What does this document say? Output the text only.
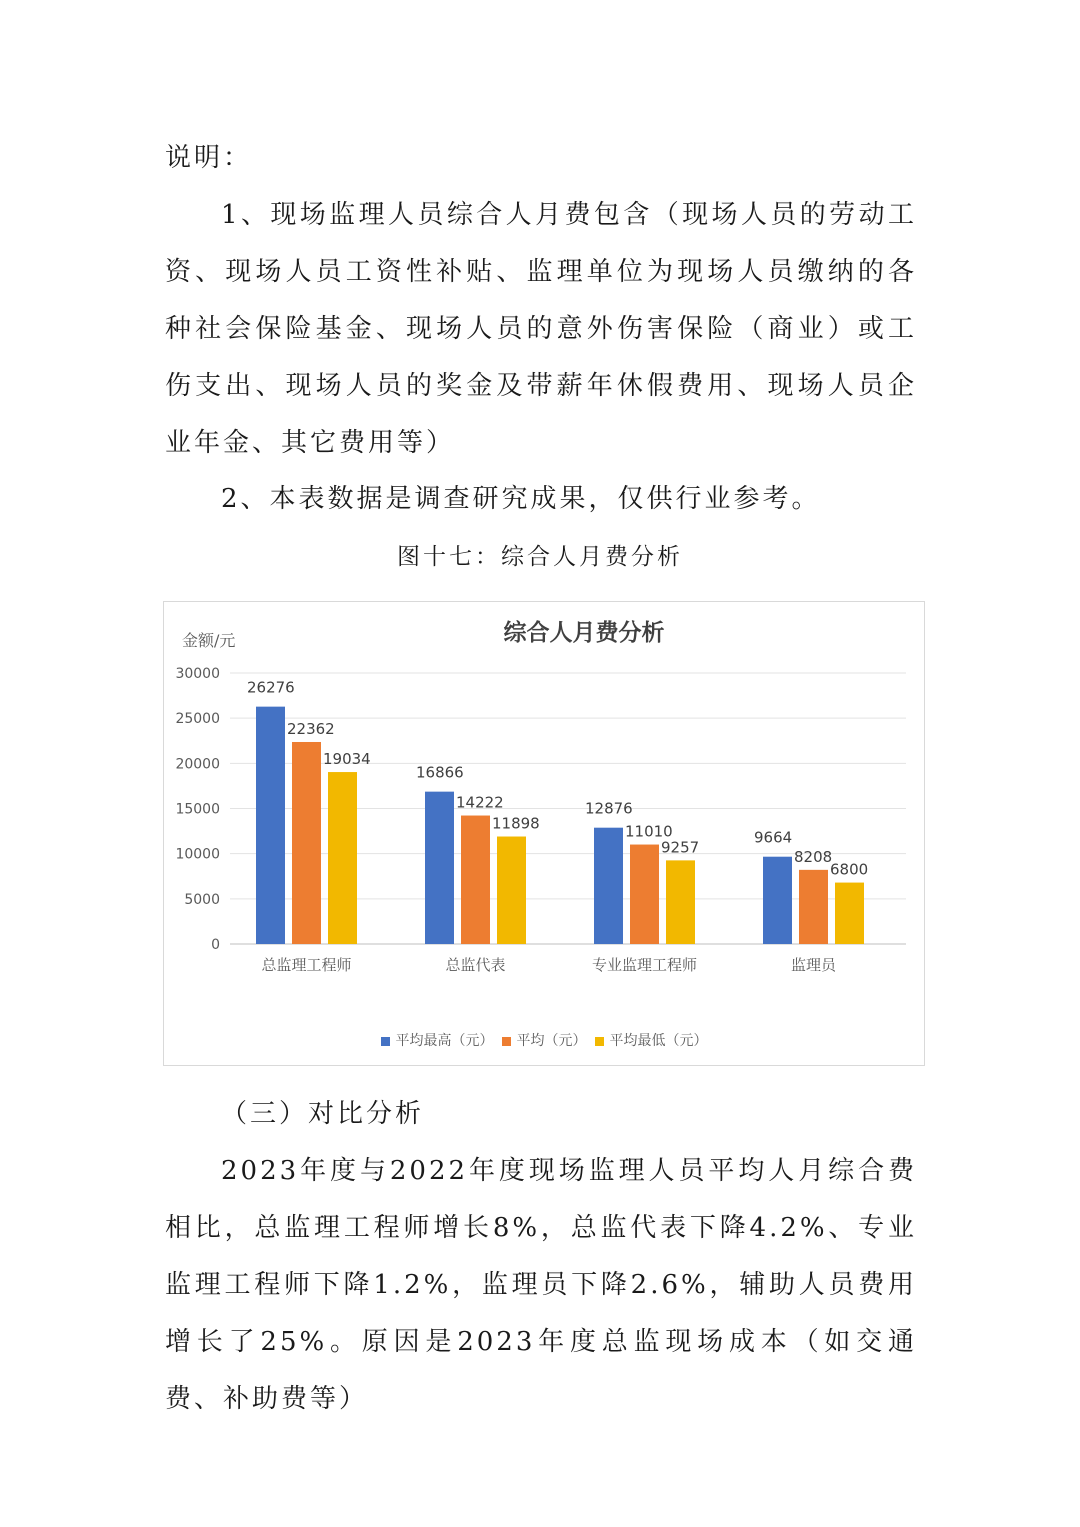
说明：

1、现场监理人员综合人月费包含（现场人员的劳动工资、现场人员工资性补贴、监理单位为现场人员缴纳的各种社会保险基金、现场人员的意外伤害保险（商业）或工伤支出、现场人员的奖金及带薪年休假费用、现场人员企业年金、其它费用等）

2、本表数据是调查研究成果，仅供行业参考。

图十七：综合人月费分析

综合人月费分析
金额/元
0
5000
10000
15000
20000
25000
30000
26276
22362
19034
总监理工程师
16866
14222
11898
总监代表
12876
11010
9257
专业监理工程师
9664
8208
6800
监理员
平均最高（元） 平均（元） 平均最低（元）

（三）对比分析

2023年度与2022年度现场监理人员平均人月综合费相比，总监理工程师增长8%，总监代表下降4.2%、专业监理工程师下降1.2%，监理员下降2.6%，辅助人员费用增长了25%。原因是2023年度总监现场成本（如交通费、补助费等）
